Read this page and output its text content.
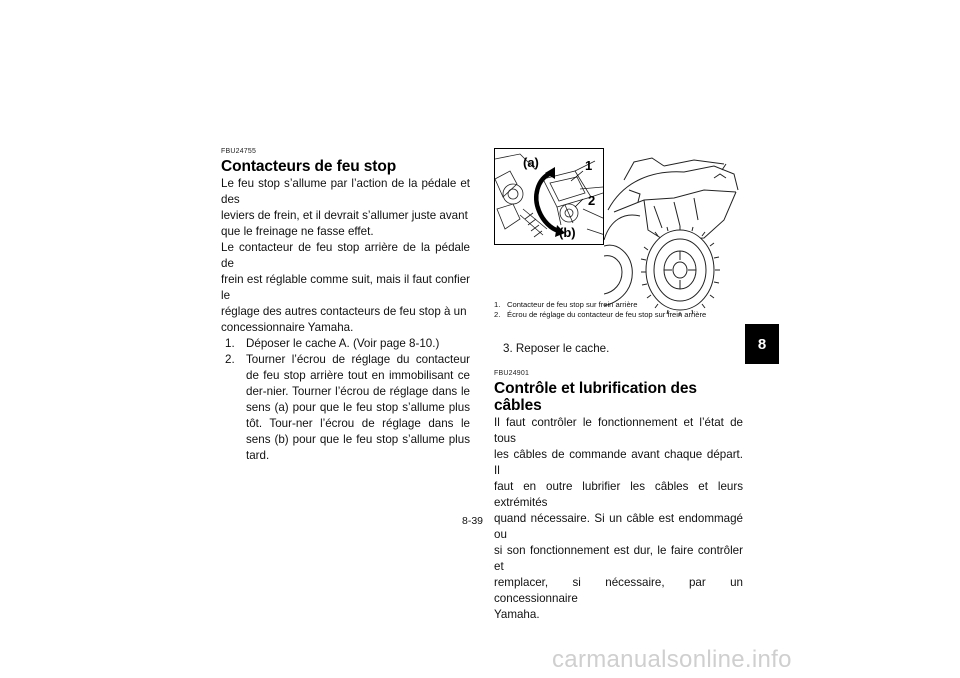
FBU24755
Contacteurs de feu stop
Le feu stop s’allume par l’action de la pédale et des
leviers de frein, et il devrait s’allumer juste avant
que le freinage ne fasse effet.
Le contacteur de feu stop arrière de la pédale de
frein est réglable comme suit, mais il faut confier le
réglage des autres contacteurs de feu stop à un
concessionnaire Yamaha.
1. Déposer le cache A. (Voir page 8-10.)
2. Tourner l’écrou de réglage du contacteur de feu stop arrière tout en immobilisant ce der-nier. Tourner l’écrou de réglage dans le sens (a) pour que le feu stop s’allume plus tôt. Tour-ner l’écrou de réglage dans le sens (b) pour que le feu stop s’allume plus tard.
(a)	1
2
(b)
1. Contacteur de feu stop sur frein arrière
2. Écrou de réglage du contacteur de feu stop sur frein arrière
3. Reposer le cache.
FBU24901
Contrôle et lubrification des câbles
Il faut contrôler le fonctionnement et l’état de tous
les câbles de commande avant chaque départ. Il
faut en outre lubrifier les câbles et leurs extrémités
quand nécessaire. Si un câble est endommagé ou
si son fonctionnement est dur, le faire contrôler et
remplacer, si nécessaire, par un concessionnaire
Yamaha.
8-39
8
carmanualsonline.info
